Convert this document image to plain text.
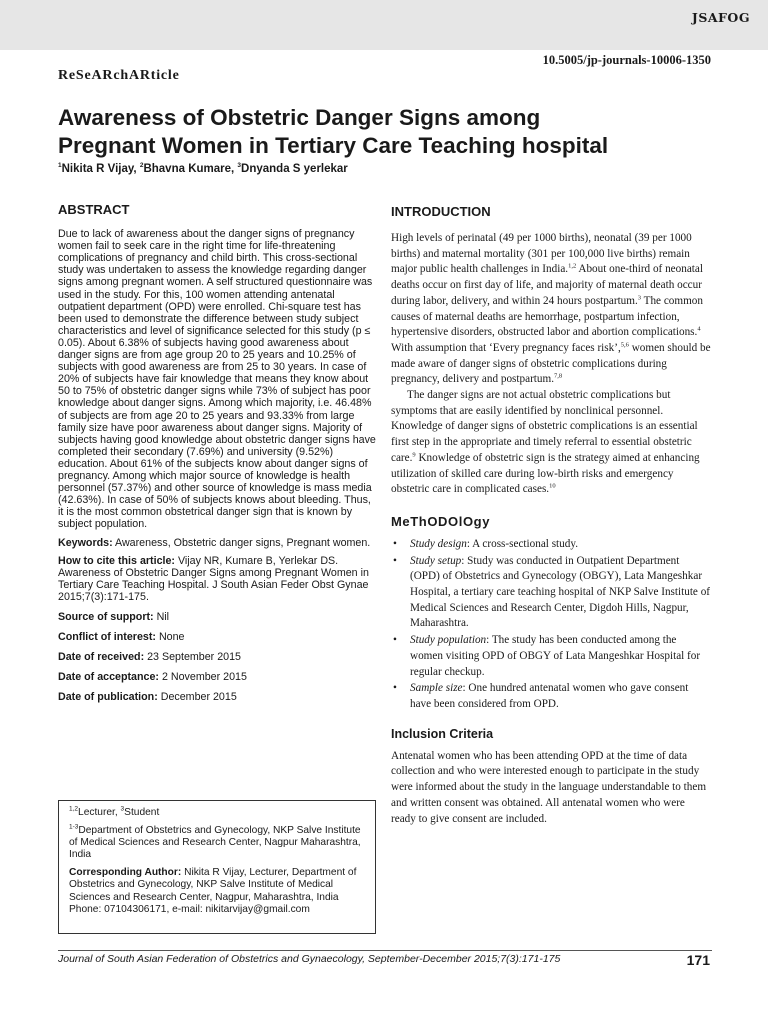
JSAFOG
10.5005/jp-journals-10006-1350
ReSeARchARticle
Awareness of Obstetric Danger Signs among
Pregnant Women in Tertiary Care Teaching hospital
$^1$Nikita R Vijay, $^2$Bhavna Kumare, $^3$Dnyanda S yerlekar
ABSTRACT

Due to lack of awareness about the danger signs of pregnancy women fail to seek care in the right time for life-threatening complications of pregnancy and child birth. This cross-sectional study was undertaken to assess the knowledge regarding danger signs among pregnant women. A self structured questionnaire was used in the study. For this, 100 women attending antenatal outpatient department (OPD) were enrolled. Chi-square test has been used to demonstrate the difference between study subject characteristics and level of significance selected for this study (p ≤ 0.05). About 6.38% of subjects having good awareness about danger signs are from age group 20 to 25 years and 10.25% of subjects with good awareness are from 25 to 30 years. In case of 20% of subjects have fair knowledge that means they know about 50 to 75% of obstetric danger signs while 73% of subject has poor knowledge about danger signs. Among which majority, i.e. 46.48% of subjects are from age 20 to 25 years and 93.33% from large family size have poor awareness about danger signs. Majority of subjects having good knowledge about obstetric danger signs have completed their secondary (7.69%) and university (9.52%) education. About 61% of the subjects know about danger signs of pregnancy. Among which major source of knowledge is health personnel (57.37%) and other source of knowledge is mass media (42.63%). In case of 50% of subjects knows about bleeding. Thus, it is the most common obstetrical danger sign that is known by subject population.

Keywords: Awareness, Obstetric danger signs, Pregnant women.

How to cite this article: Vijay NR, Kumare B, Yerlekar DS. Awareness of Obstetric Danger Signs among Pregnant Women in Tertiary Care Teaching Hospital. J South Asian Feder Obst Gynae 2015;7(3):171-175.

Source of support: Nil

Conflict of interest: None

Date of received: 23 September 2015

Date of acceptance: 2 November 2015

Date of publication: December 2015

$^{1,2}$Lecturer, $^3$Student

$^{1-3}$Department of Obstetrics and Gynecology, NKP Salve Institute of Medical Sciences and Research Center, Nagpur Maharashtra, India

Corresponding Author: Nikita R Vijay, Lecturer, Department of Obstetrics and Gynecology, NKP Salve Institute of Medical Sciences and Research Center, Nagpur, Maharashtra, India Phone: 07104306171, e-mail: nikitarvijay@gmail.com

INTRODUCTION

High levels of perinatal (49 per 1000 births), neonatal (39 per 1000 births) and maternal mortality (301 per 100,000 live births) remain major public health challenges in India.$^{1,2}$ About one-third of neonatal deaths occur on first day of life, and majority of maternal death occur during labor, delivery, and within 24 hours postpartum.$^3$ The common causes of maternal deaths are hemorrhage, postpartum infection, hypertensive disorders, obstructed labor and abortion complications.$^4$ With assumption that ‘Every pregnancy faces risk’,$^{5,6}$ women should be made aware of danger signs of obstetric complications during pregnancy, delivery and postpartum.$^{7,8}$

The danger signs are not actual obstetric complications but symptoms that are easily identified by nonclinical personnel. Knowledge of danger signs of obstetric complications is an essential first step in the appropriate and timely referral to essential obstetric care.$^9$ Knowledge of obstetric sign is the strategy aimed at enhancing utilization of skilled care during low-birth risks and emergency obstetric care in complicated cases.$^{10}$

MeThODOlOgy
• Study design: A cross-sectional study.
• Study setup: Study was conducted in Outpatient Department (OPD) of Obstetrics and Gynecology (OBGY), Lata Mangeshkar Hospital, a tertiary care teaching hospital of NKP Salve Institute of Medical Sciences and Research Center, Digdoh Hills, Nagpur, Maharashtra.
• Study population: The study has been conducted among the women visiting OPD of OBGY of Lata Mangeshkar Hospital for regular checkup.
• Sample size: One hundred antenatal women who gave consent have been considered from OPD.
Inclusion Criteria
Antenatal women who has been attending OPD at the time of data collection and who were interested enough to participate in the study were informed about the study in the language understandable to them and written consent was obtained. All antenatal women who were ready to give consent are included.
Journal of South Asian Federation of Obstetrics and Gynaecology, September-December 2015;7(3):171-175	171
